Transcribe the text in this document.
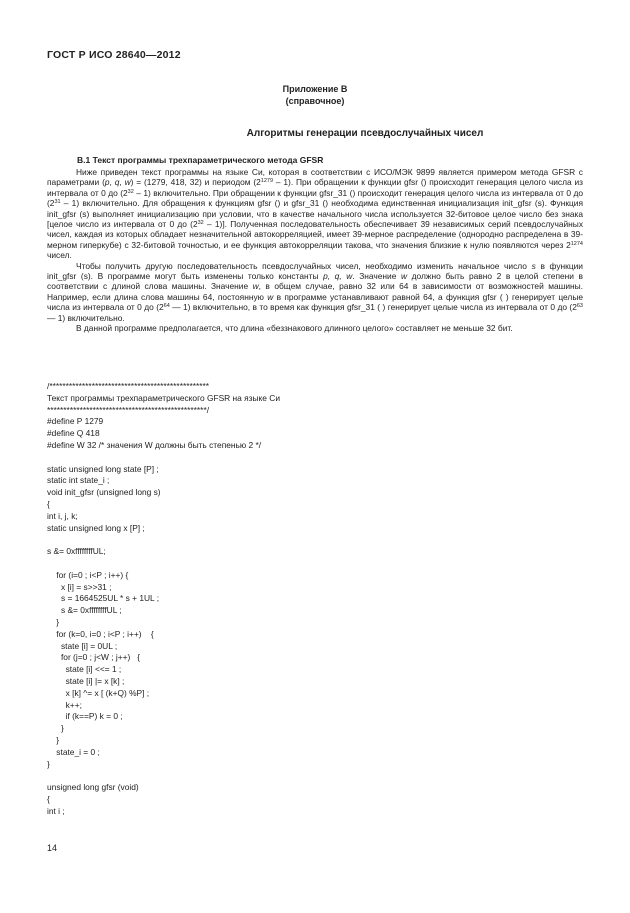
ГОСТ Р ИСО 28640—2012
Приложение В
(справочное)
Алгоритмы генерации псевдослучайных чисел
В.1 Текст программы трехпараметрического метода GFSR

Ниже приведен текст программы на языке Си, которая в соответствии с ИСО/МЭК 9899 является примером метода GFSR с параметрами (p, q, w) = (1279, 418, 32) и периодом $(2^{1279} - 1)$. При обращении к функции gfsr () происходит генерация целого числа из интервала от 0 до $(2^{32} - 1)$ включительно. При обращении к функции gfsr_31 () происходит генерация целого числа из интервала от 0 до $(2^{31} - 1)$ включительно. Для обращения к функциям gfsr () и gfsr_31 () необходима единственная инициализация init_gfsr (s). Функция init_gfsr (s) выполняет инициализацию при условии, что в качестве начального числа используется 32-битовое целое число без знака [целое число из интервала от 0 до $(2^{32} - 1)$]. Полученная последовательность обеспечивает 39 независимых серий псевдослучайных чисел, каждая из которых обладает незначительной автокорреляцией, имеет 39-мерное распределение (однородно распределена в 39-мерном гиперкубе) с 32-битовой точностью, и ее функция автокорреляции такова, что значения близкие к нулю появляются через $2^{1274}$ чисел.

Чтобы получить другую последовательность псевдослучайных чисел, необходимо изменить начальное число s в функции init_gfsr (s). В программе могут быть изменены только константы p, q, w. Значение w должно быть равно 2 в целой степени в соответствии с длиной слова машины. Значение w, в общем случае, равно 32 или 64 в зависимости от возможностей машины. Например, если длина слова машины 64, постоянную w в программе устанавливают равной 64, а функция gfsr ( ) генерирует целые числа из интервала от 0 до ($2^{64}$ — 1) включительно, в то время как функция gfsr_31 ( ) генерирует целые числа из интервала от 0 до ($2^{63}$ — 1) включительно.

В данной программе предполагается, что длина «беззнакового длинного целого» составляет не меньше 32 бит.

/*************************************************
Текст программы трехпараметрического GFSR на языке Си
*************************************************/
#define P 1279
#define Q 418
#define W 32 /* значения W должны быть степенью 2 */

static unsigned long state [P] ;
static int state_i ;
void init_gfsr (unsigned long s)
{
int i, j, k;
static unsigned long x [P] ;

s &= 0xffffffffUL;

for (i=0 ; i<P ; i++) {
x [i] = s>>31 ;
s = 1664525UL * s + 1UL ;
s &= 0xffffffffUL ;
}
for (k=0, i=0 ; i<P ; i++)    {
state [i] = 0UL ;
for (j=0 ; j<W ; j++)   {
state [i] <<= 1 ;
state [i] |= x [k] ;
x [k] ^= x [ (k+Q) %P] ;
k++;
if (k==P) k = 0 ;
}
}
state_i = 0 ;
}

unsigned long gfsr (void)
{
int i ;
14
